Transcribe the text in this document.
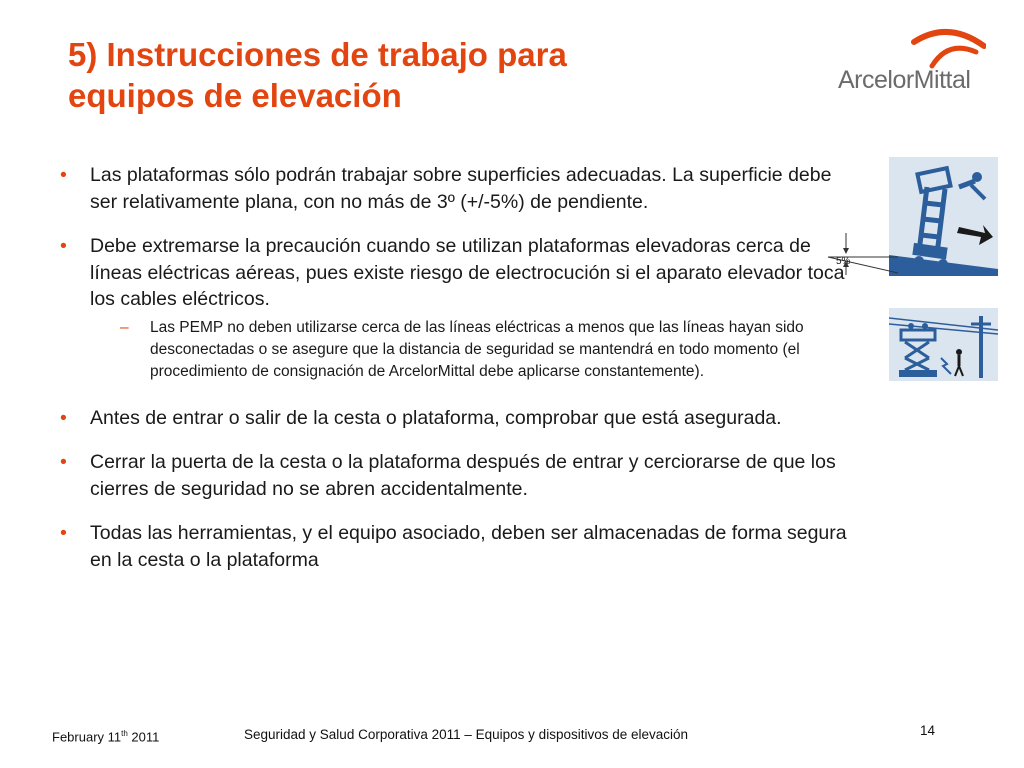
5) Instrucciones de trabajo para
equipos de elevación	ArcelorMittal
• Las plataformas sólo podrán trabajar sobre superficies adecuadas. La superficie debe ser relativamente plana, con no más de 3º (+/-5%) de pendiente.
• Debe extremarse la precaución cuando se utilizan plataformas elevadoras cerca de líneas eléctricas aéreas, pues existe riesgo de electrocución si el aparato elevador toca los cables eléctricos.
– Las PEMP no deben utilizarse cerca de las líneas eléctricas a menos que las líneas hayan sido desconectadas o se asegure que la distancia de seguridad se mantendrá en todo momento (el procedimiento de consignación de ArcelorMittal debe aplicarse constantemente).
• Antes de entrar o salir de la cesta o plataforma, comprobar que está asegurada.
• Cerrar la puerta de la cesta o la plataforma después de entrar y cerciorarse de que los cierres de seguridad no se abren accidentalmente.
• Todas las herramientas, y el equipo asociado, deben ser almacenadas de forma segura en la cesta o la plataforma
5%
February 11th 2011	Seguridad y Salud Corporativa 2011 – Equipos y dispositivos de elevación	14
